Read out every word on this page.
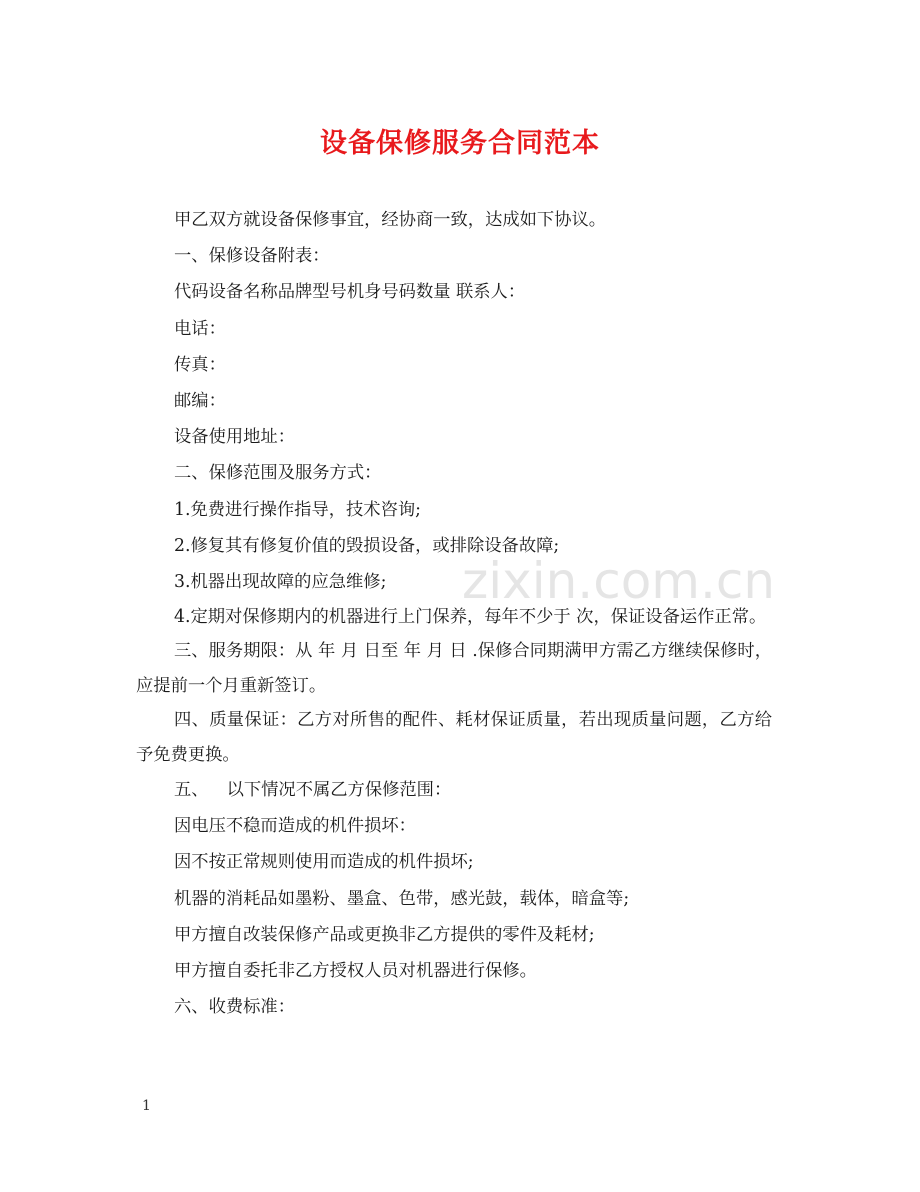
设备保修服务合同范本
甲乙双方就设备保修事宜，经协商一致，达成如下协议。
一、保修设备附表：
代码设备名称品牌型号机身号码数量 联系人：
电话：
传真：
邮编：
设备使用地址：
二、保修范围及服务方式：
1.免费进行操作指导，技术咨询;
2.修复其有修复价值的毁损设备，或排除设备故障;
3.机器出现故障的应急维修;
4.定期对保修期内的机器进行上门保养，每年不少于 次，保证设备运作正常。
三、服务期限：从 年 月 日至 年 月 日 .保修合同期满甲方需乙方继续保修时，应提前一个月重新签订。
四、质量保证：乙方对所售的配件、耗材保证质量，若出现质量问题，乙方给予免费更换。
五、 以下情况不属乙方保修范围：
因电压不稳而造成的机件损坏：
因不按正常规则使用而造成的机件损坏;
机器的消耗品如墨粉、墨盒、色带，感光鼓，载体，暗盒等;
甲方擅自改装保修产品或更换非乙方提供的零件及耗材;
甲方擅自委托非乙方授权人员对机器进行保修。
六、收费标准：
zixin.com.cn
1
